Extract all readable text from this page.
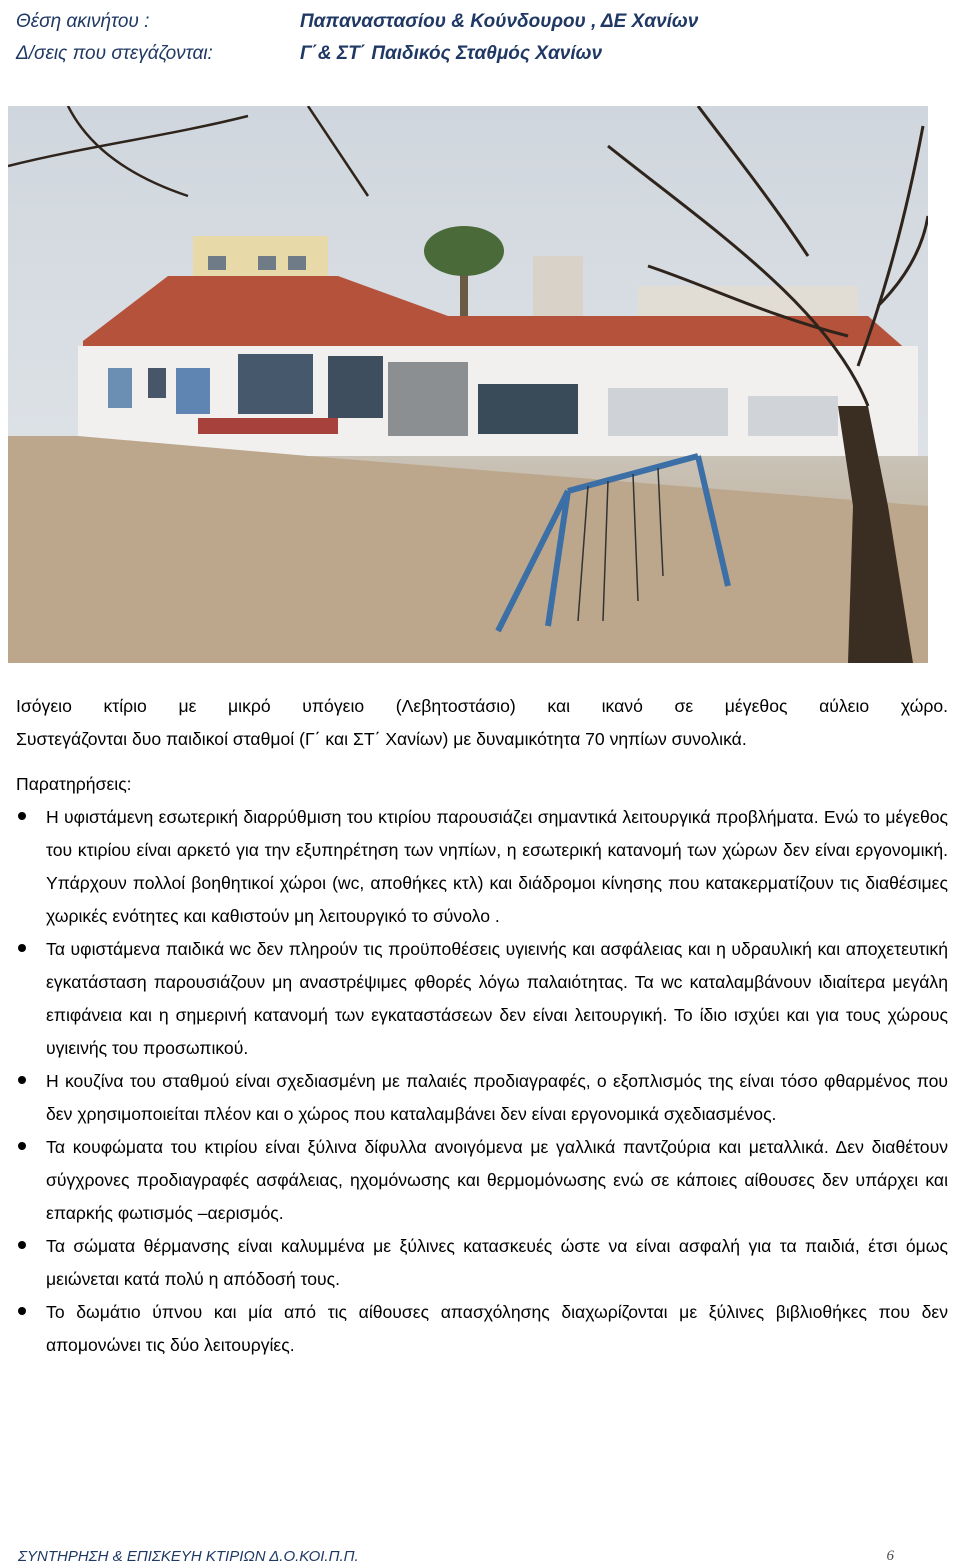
Θέση ακινήτου :	Παπαναστασίου & Κούνδουρου , ΔΕ Χανίων
Δ/σεις που στεγάζονται:	Γ΄& ΣΤ΄ Παιδικός Σταθμός Χανίων

Ισόγειο κτίριο με μικρό υπόγειο (Λεβητοστάσιο) και ικανό σε μέγεθος αύλειο χώρο.
Συστεγάζονται δυο παιδικοί σταθμοί (Γ΄ και ΣΤ΄ Χανίων) με δυναμικότητα 70 νηπίων συνολικά.

Παρατηρήσεις:

Η υφιστάμενη εσωτερική διαρρύθμιση του κτιρίου παρουσιάζει σημαντικά λειτουργικά προβλήματα. Ενώ το μέγεθος του κτιρίου είναι αρκετό για την εξυπηρέτηση των νηπίων, η εσωτερική κατανομή των χώρων δεν είναι εργονομική. Υπάρχουν πολλοί βοηθητικοί χώροι (wc, αποθήκες κτλ) και διάδρομοι κίνησης που κατακερματίζουν τις διαθέσιμες χωρικές ενότητες και καθιστούν μη λειτουργικό το σύνολο .
Τα υφιστάμενα παιδικά wc δεν πληρούν τις προϋποθέσεις υγιεινής και ασφάλειας και η υδραυλική και αποχετευτική εγκατάσταση παρουσιάζουν μη αναστρέψιμες φθορές λόγω παλαιότητας. Τα wc καταλαμβάνουν ιδιαίτερα μεγάλη επιφάνεια και η σημερινή κατανομή των εγκαταστάσεων δεν είναι λειτουργική. Το ίδιο ισχύει και για τους χώρους υγιεινής του προσωπικού.
Η κουζίνα του σταθμού είναι σχεδιασμένη με παλαιές προδιαγραφές, ο εξοπλισμός της είναι τόσο φθαρμένος που δεν χρησιμοποιείται πλέον και ο χώρος που καταλαμβάνει δεν είναι εργονομικά σχεδιασμένος.
Τα κουφώματα του κτιρίου είναι ξύλινα δίφυλλα ανοιγόμενα με γαλλικά παντζούρια και μεταλλικά. Δεν διαθέτουν σύγχρονες προδιαγραφές ασφάλειας, ηχομόνωσης και θερμομόνωσης ενώ σε κάποιες αίθουσες δεν υπάρχει και επαρκής φωτισμός –αερισμός.
Τα σώματα θέρμανσης είναι καλυμμένα με ξύλινες κατασκευές ώστε να είναι ασφαλή για τα παιδιά, έτσι όμως μειώνεται κατά πολύ η απόδοσή τους.
Το δωμάτιο ύπνου και μία από τις αίθουσες απασχόλησης διαχωρίζονται με ξύλινες βιβλιοθήκες που δεν απομονώνει τις δύο λειτουργίες.
ΣΥΝΤΗΡΗΣΗ & ΕΠΙΣΚΕΥΗ ΚΤΙΡΙΩΝ Δ.Ο.ΚΟΙ.Π.Π.	6
